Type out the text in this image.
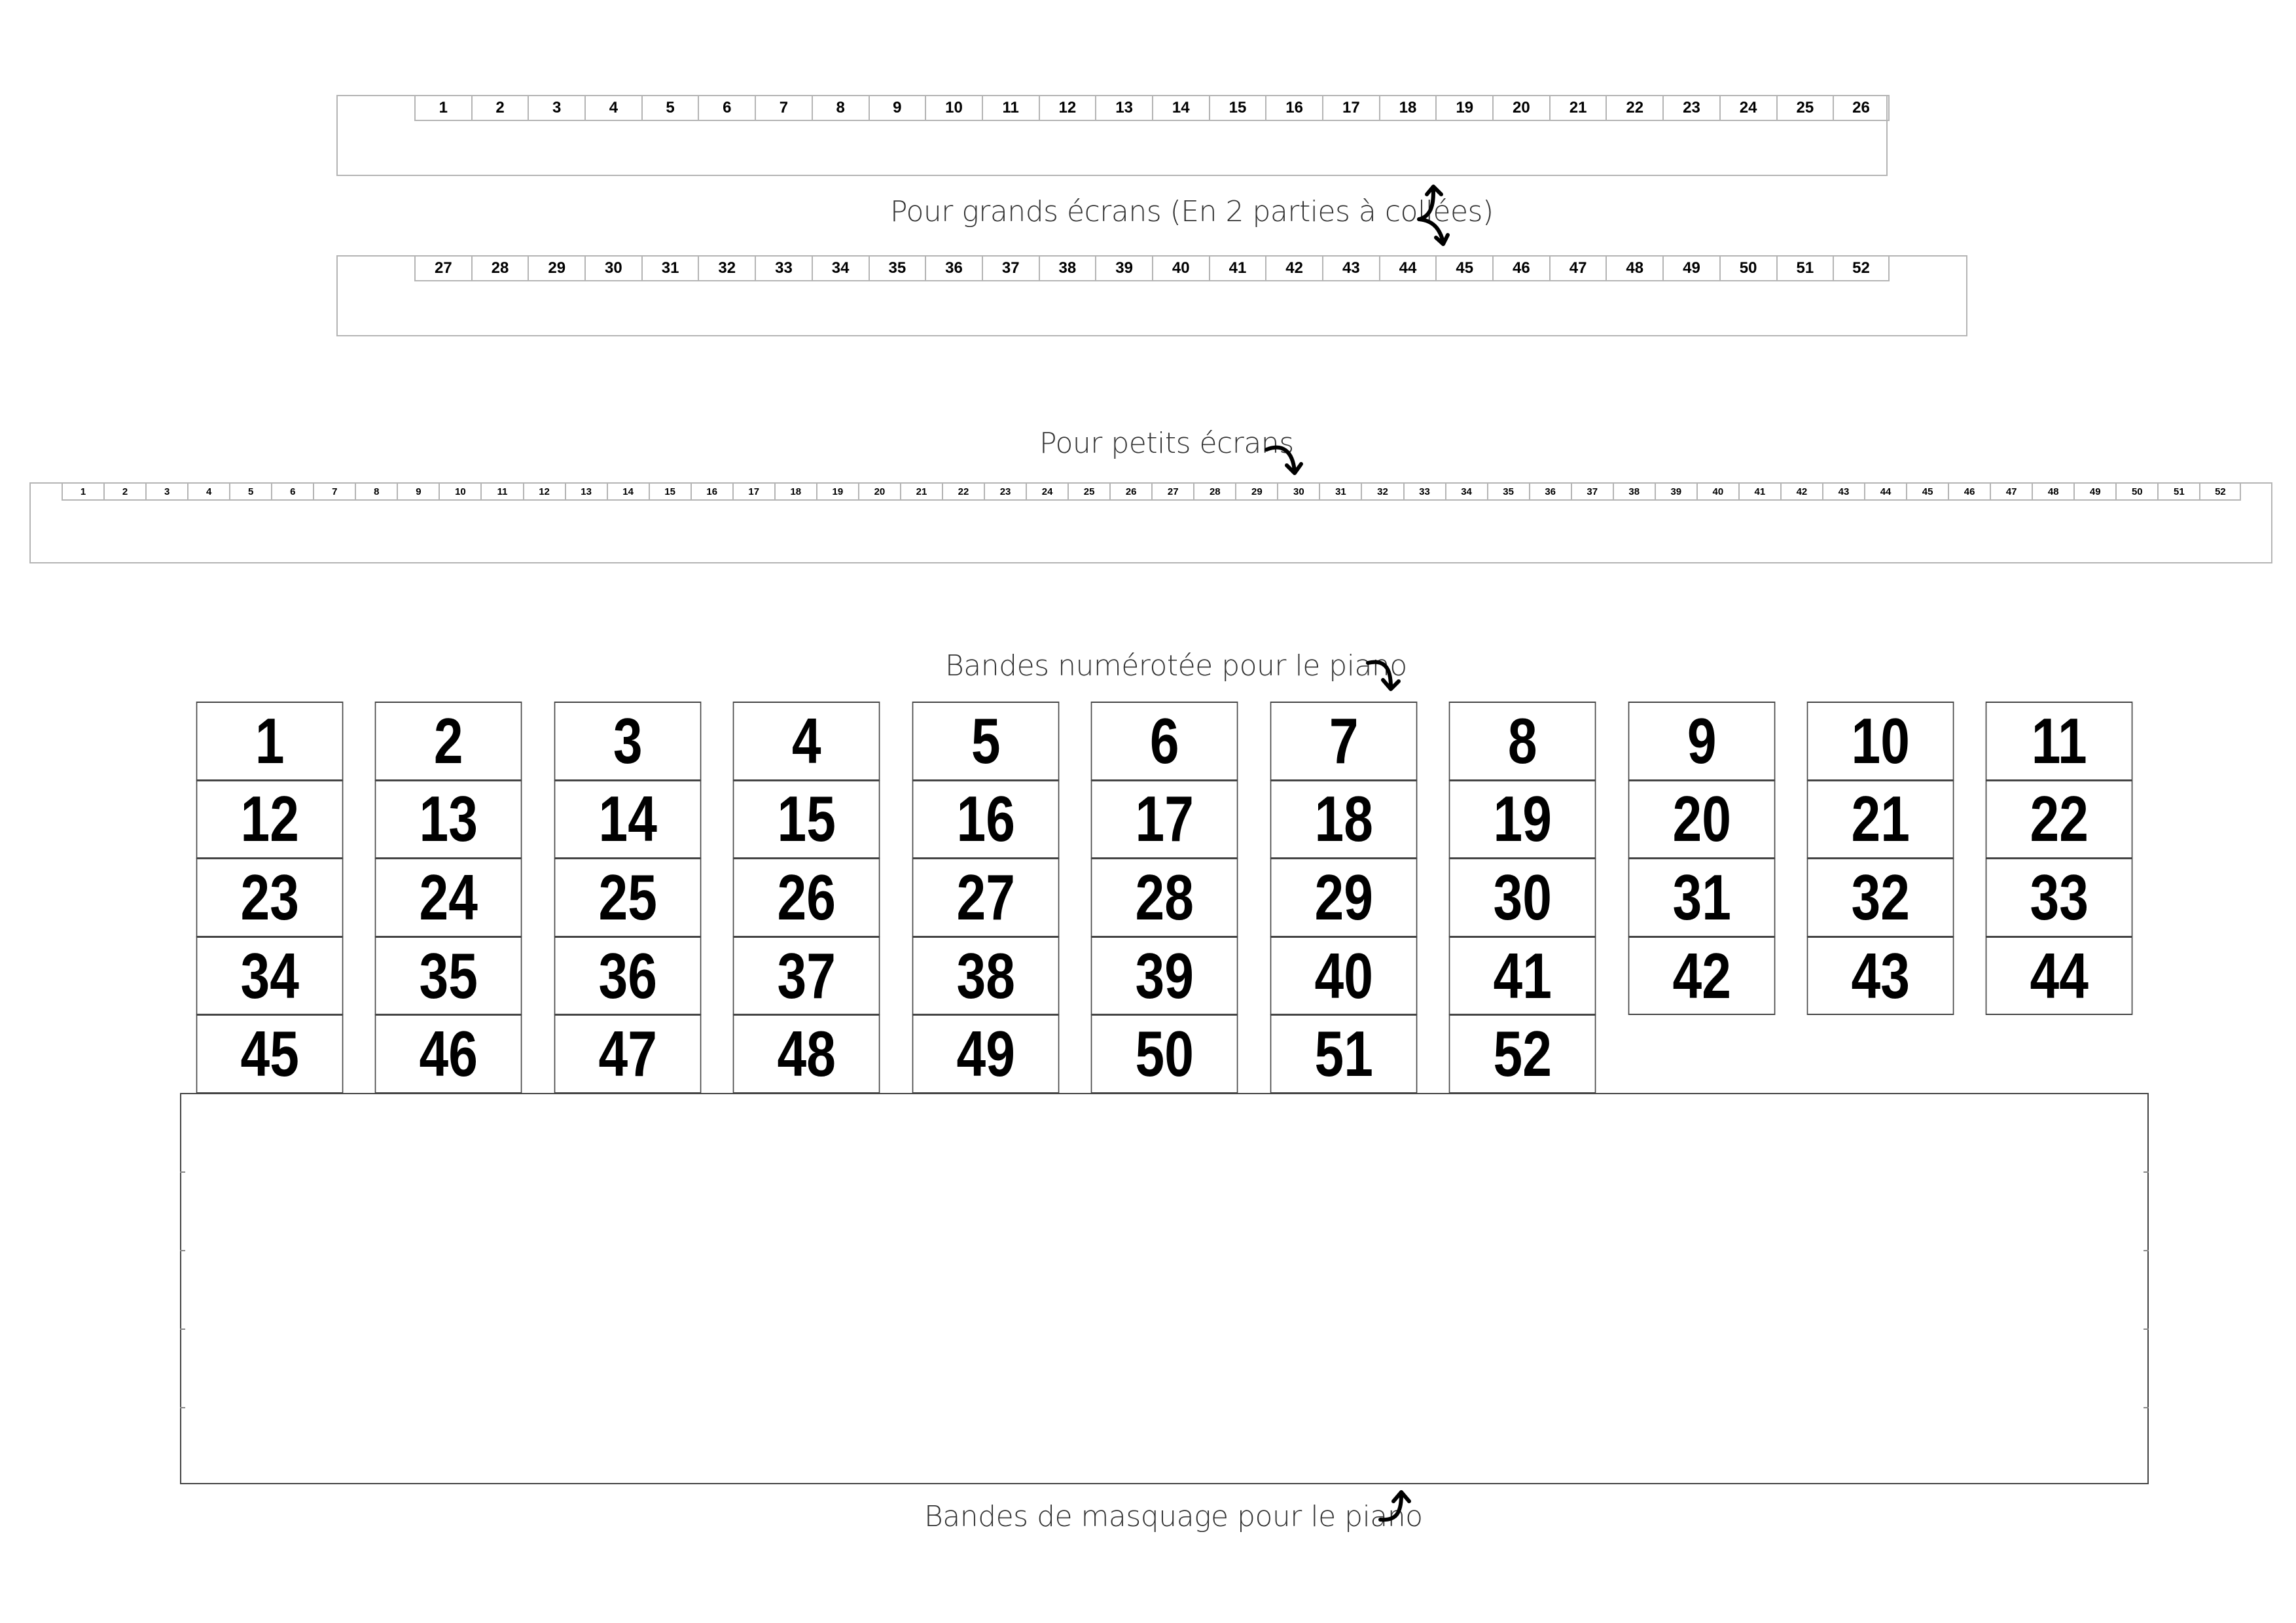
1	2	3	4	5	6	7	8	9	10	11	12	13	14	15	16	17	18	19	20	21	22	23	24	25	26
Pour grands écrans (En 2 parties à collées)
27	28	29	30	31	32	33	34	35	36	37	38	39	40	41	42	43	44	45	46	47	48	49	50	51	52
Pour petits écrans
1	2	3	4	5	6	7	8	9	10	11	12	13	14	15	16	17	18	19	20	21	22	23	24	25	26	27	28	29	30	31	32	33	34	35	36	37	38	39	40	41	42	43	44	45	46	47	48	49	50	51	52
Bandes numérotée pour le piano
1 2 3 4 5 6 7 8 9 10 11
12 13 14 15 16 17 18 19 20 21 22
23 24 25 26 27 28 29 30 31 32 33
34 35 36 37 38 39 40 41 42 43 44
45 46 47 48 49 50 51 52
Bandes de masquage pour le piano
